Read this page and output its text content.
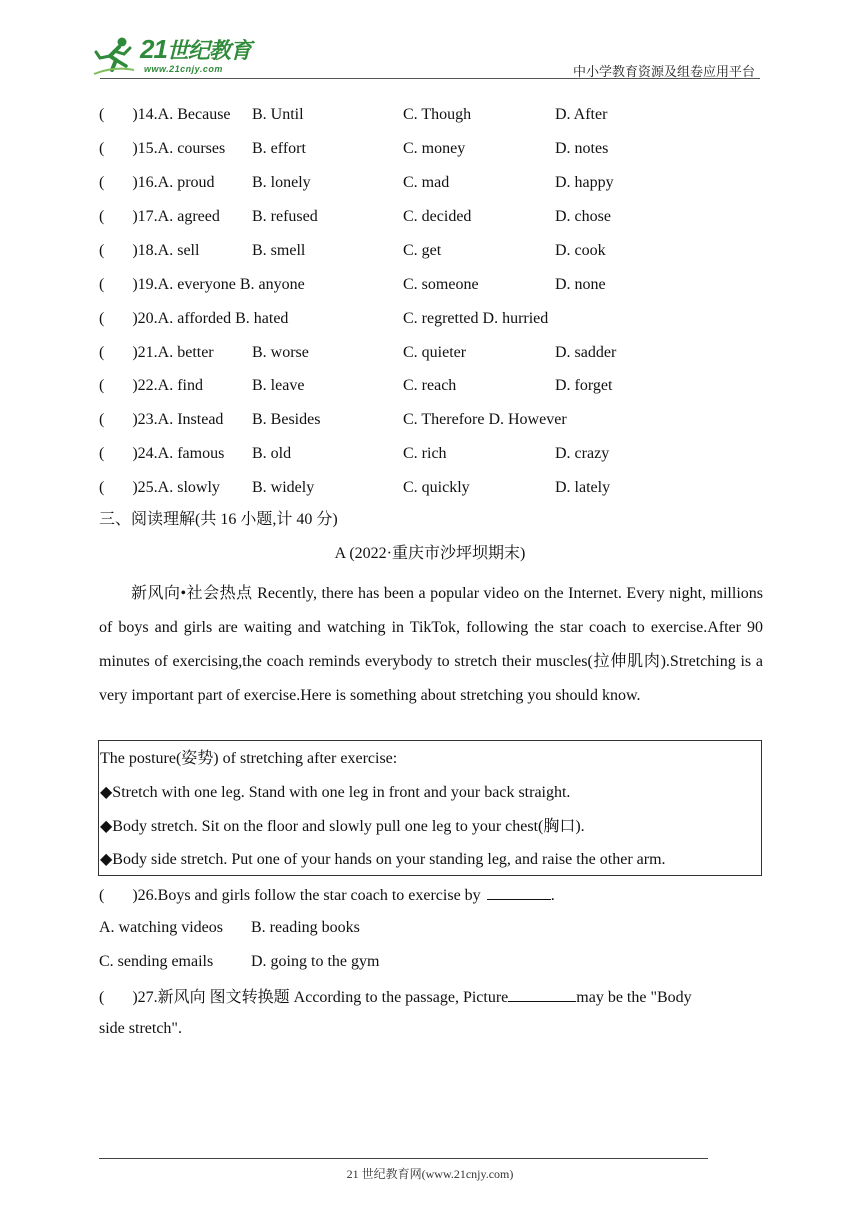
21世纪教育
www.21cnjy.com	中小学教育资源及组卷应用平台
(       )14.A. Because B. Until	C. Though	D. After
(       )15.A. courses B. effort	C. money	D. notes
(       )16.A. proud B. lonely	C. mad	D. happy
(       )17.A. agreed B. refused	C. decided	D. chose
(       )18.A. sell	B. smell	C. get	D. cook
(       )19.A. everyone B. anyone	C. someone	D. none
(       )20.A. afforded B. hated	C. regretted D. hurried
(       )21.A. better B. worse	C. quieter	D. sadder
(       )22.A. find	B. leave	C. reach	D. forget
(       )23.A. Instead B. Besides	C. Therefore D. However
(       )24.A. famous B. old	C. rich	D. crazy
(       )25.A. slowly B. widely	C. quickly	D. lately
三、阅读理解(共 16 小题,计 40 分)
A (2022·重庆市沙坪坝期末)

新风向•社会热点 Recently, there has been a popular video on the Internet. Every night, millions of boys and girls are waiting and watching in TikTok, following the star coach to exercise.After 90 minutes of exercising,the coach reminds everybody to stretch their muscles(拉伸肌肉).Stretching is a very important part of exercise.Here is something about stretching you should know.

The posture(姿势) of stretching after exercise:
◆Stretch with one leg. Stand with one leg in front and your back straight.
◆Body stretch. Sit on the floor and slowly pull one leg to your chest(胸口).
◆Body side stretch. Put one of your hands on your standing leg, and raise the other arm.
(       )26.Boys and girls follow the star coach to exercise by	.
A. watching videos B. reading books
C. sending emails D. going to the gym
(       )27.新风向 图文转换题 According to the passage, Picture	may be the "Body
side stretch".
21 世纪教育网(www.21cnjy.com)
